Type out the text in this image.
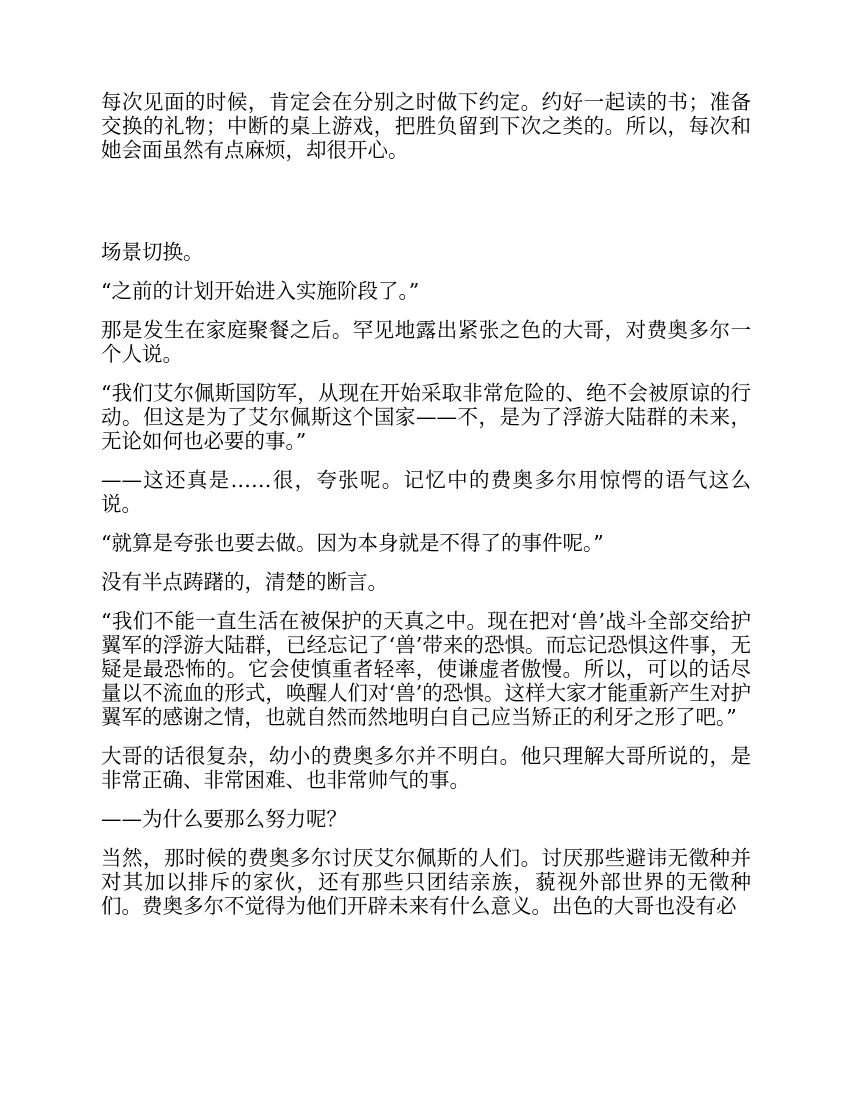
每次见面的时候，肯定会在分别之时做下约定。约好一起读的书；准备交换的礼物；中断的桌上游戏，把胜负留到下次之类的。所以，每次和她会面虽然有点麻烦，却很开心。

场景切换。

“之前的计划开始进入实施阶段了。”

那是发生在家庭聚餐之后。罕见地露出紧张之色的大哥，对费奥多尔一个人说。

“我们艾尔佩斯国防军，从现在开始采取非常危险的、绝不会被原谅的行动。但这是为了艾尔佩斯这个国家——不，是为了浮游大陆群的未来，无论如何也必要的事。”

——这还真是……很，夸张呢。记忆中的费奥多尔用惊愕的语气这么说。

“就算是夸张也要去做。因为本身就是不得了的事件呢。”

没有半点踌躇的，清楚的断言。

“我们不能一直生活在被保护的天真之中。现在把对‘兽’战斗全部交给护翼军的浮游大陆群，已经忘记了‘兽’带来的恐惧。而忘记恐惧这件事，无疑是最恐怖的。它会使慎重者轻率，使谦虚者傲慢。所以，可以的话尽量以不流血的形式，唤醒人们对‘兽’的恐惧。这样大家才能重新产生对护翼军的感谢之情，也就自然而然地明白自己应当矫正的利牙之形了吧。”

大哥的话很复杂，幼小的费奥多尔并不明白。他只理解大哥所说的，是非常正确、非常困难、也非常帅气的事。

——为什么要那么努力呢？

当然，那时候的费奥多尔讨厌艾尔佩斯的人们。讨厌那些避讳无徵种并对其加以排斥的家伙，还有那些只团结亲族，藐视外部世界的无徵种们。费奥多尔不觉得为他们开辟未来有什么意义。出色的大哥也没有必
